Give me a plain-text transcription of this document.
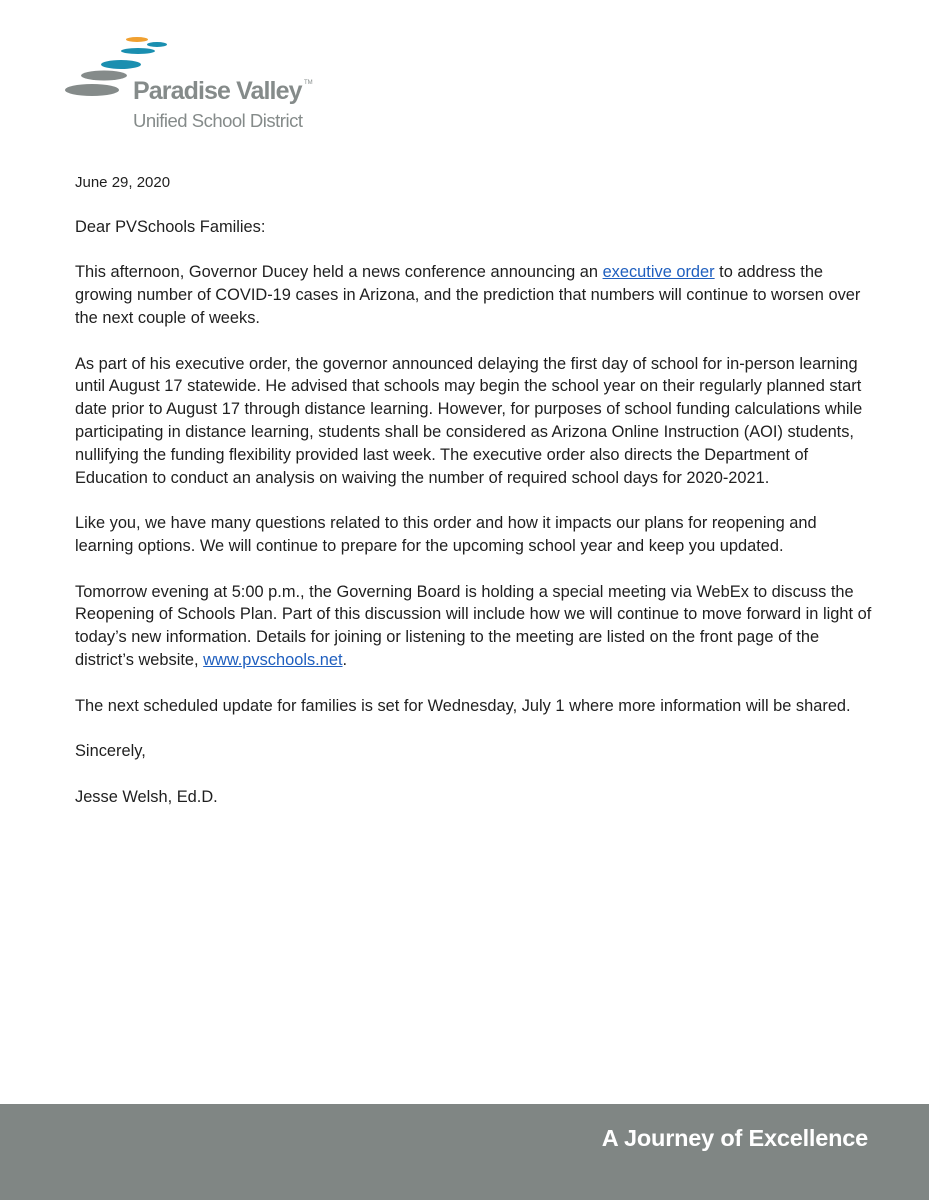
Paradise Valley TM

Unified School District

June 29, 2020

Dear PVSchools Families:

This afternoon, Governor Ducey held a news conference announcing an executive order to address the growing number of COVID-19 cases in Arizona, and the prediction that numbers will continue to worsen over the next couple of weeks.

As part of his executive order, the governor announced delaying the first day of school for in-person learning until August 17 statewide. He advised that schools may begin the school year on their regularly planned start date prior to August 17 through distance learning. However, for purposes of school funding calculations while participating in distance learning, students shall be considered as Arizona Online Instruction (AOI) students, nullifying the funding flexibility provided last week. The executive order also directs the Department of Education to conduct an analysis on waiving the number of required school days for 2020-2021.

Like you, we have many questions related to this order and how it impacts our plans for reopening and learning options. We will continue to prepare for the upcoming school year and keep you updated.

Tomorrow evening at 5:00 p.m., the Governing Board is holding a special meeting via WebEx to discuss the Reopening of Schools Plan. Part of this discussion will include how we will continue to move forward in light of today’s new information. Details for joining or listening to the meeting are listed on the front page of the district’s website, www.pvschools.net.

The next scheduled update for families is set for Wednesday, July 1 where more information will be shared.

Sincerely,

Jesse Welsh, Ed.D.

A Journey of Excellence
